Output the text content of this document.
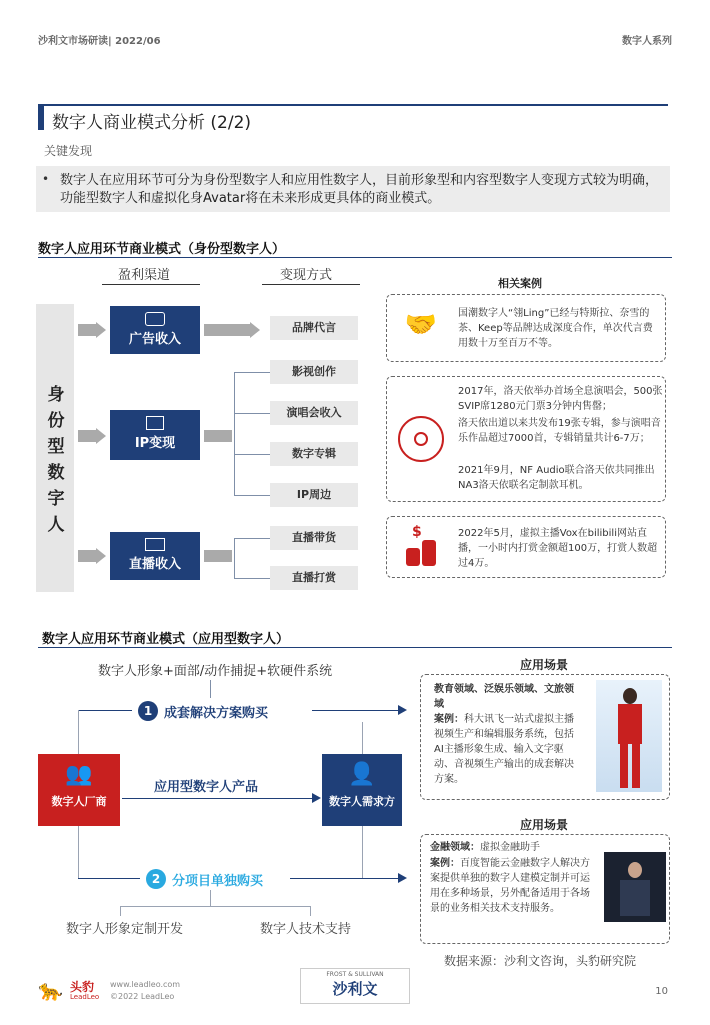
沙利文市场研读| 2022/06	数字人系列
数字人商业模式分析 (2/2)
关键发现
• 数字人在应用环节可分为身份型数字人和应用性数字人，目前形象型和内容型数字人变现方式较为明确，功能型数字人和虚拟化身Avatar将在未来形成更具体的商业模式。
数字人应用环节商业模式（身份型数字人）
盈利渠道	变现方式
相关案例
身
份
型
数
字
人
广告收入
IP变现
直播收入
品牌代言
影视创作
演唱会收入
数字专辑
IP周边
直播带货
直播打赏
🤝	国潮数字人“翎Ling”已经与特斯拉、奈雪的茶、Keep等品牌达成深度合作，单次代言费用数十万至百万不等。
2017年，洛天依举办首场全息演唱会，500张SVIP席1280元门票3分钟内售罄；
洛天依出道以来共发布19张专辑，参与演唱音乐作品超过7000首，专辑销量共计6-7万；
2021年9月，NF Audio联合洛天依共同推出NA3洛天依联名定制款耳机。
$	2022年5月，虚拟主播Vox在bilibili网站直播，一小时内打赏金额超100万，打赏人数超过4万。
数字人应用环节商业模式（应用型数字人）
数字人形象+面部/动作捕捉+软硬件系统
1 成套解决方案购买
👥
数字人厂商
应用型数字人产品
👤
数字人需求方
2 分项目单独购买
数字人形象定制开发	数字人技术支持
应用场景
教育领域、泛娱乐领域、文旅领域
案例：科大讯飞一站式虚拟主播视频生产和编辑服务系统，包括AI主播形象生成、输入文字驱动、音视频生产输出的成套解决方案。
应用场景
金融领域：虚拟金融助手
案例：百度智能云金融数字人解决方案提供单独的数字人建模定制并可运用在多种场景，另外配备适用于各场景的业务相关技术支持服务。
数据来源：沙利文咨询，头豹研究院
🐆 头豹
LeadLeo
www.leadleo.com
©2022 LeadLeo
FROST & SULLIVAN
沙利文	10
